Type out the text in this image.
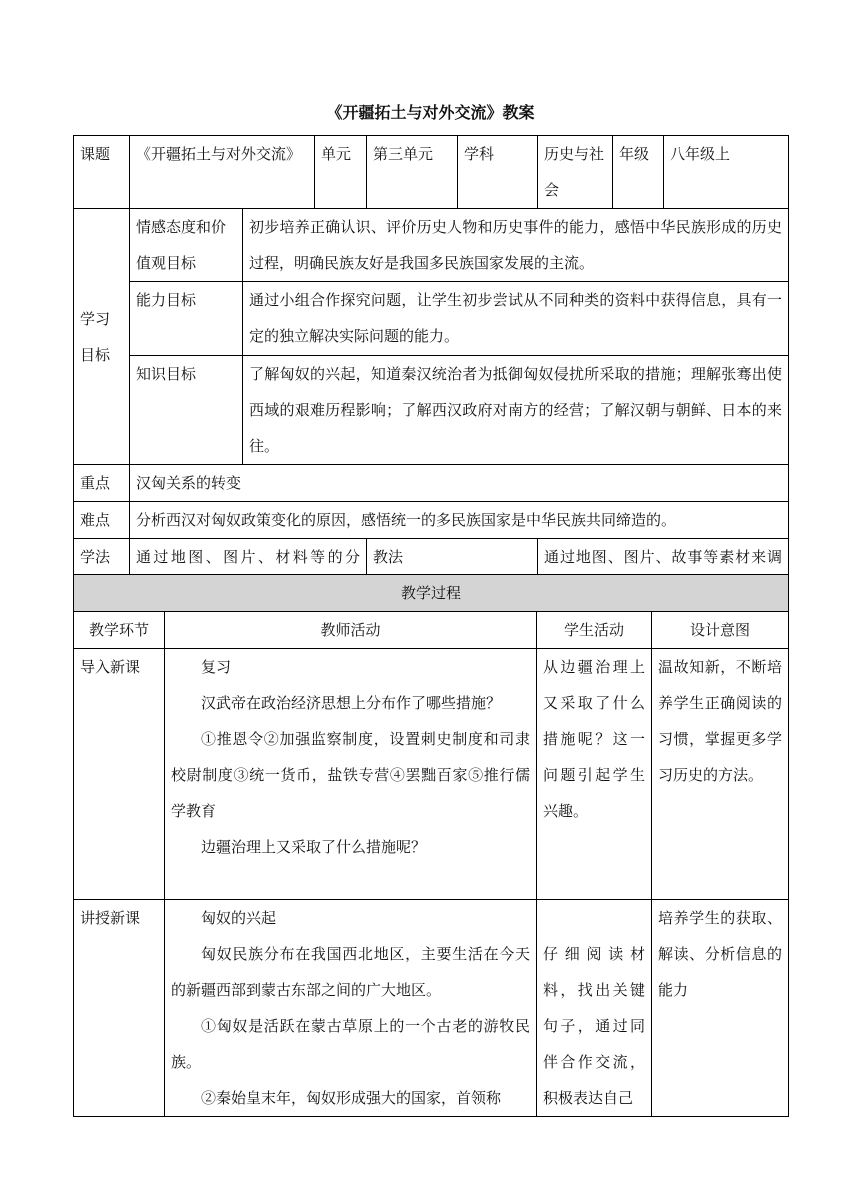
《开疆拓土与对外交流》教案
课题	《开疆拓土与对外交流》		单元	第三单元	学科	历史与社会	年级	八年级上

学习
目标	情感态度和价值观目标	初步培养正确认识、评价历史人物和历史事件的能力，感悟中华民族形成的历史过程，明确民族友好是我国多民族国家发展的主流。						
	能力目标	通过小组合作探究问题，让学生初步尝试从不同种类的资料中获得信息，具有一定的独立解决实际问题的能力。						
	知识目标	了解匈奴的兴起，知道秦汉统治者为抵御匈奴侵扰所采取的措施；理解张骞出使西域的艰难历程影响；了解西汉政府对南方的经营；了解汉朝与朝鲜、日本的来往。						
重点	汉匈关系的转变							
难点	分析西汉对匈奴政策变化的原因，感悟统一的多民族国家是中华民族共同缔造的。							
学法	通过地图、图片、材料等的分			教法		通过地图、图片、故事等素材来调		
教学过程			
教学环节	教师活动	学生活动	设计意图
导入新课	复习
汉武帝在政治经济思想上分布作了哪些措施？
①推恩令②加强监察制度，设置刺史制度和司隶校尉制度③统一货币，盐铁专营④罢黜百家⑤推行儒学教育
边疆治理上又采取了什么措施呢？	从边疆治理上又采取了什么措施呢？这一问题引起学生兴趣。	温故知新，不断培养学生正确阅读的习惯，掌握更多学习历史的方法。
讲授新课	匈奴的兴起
匈奴民族分布在我国西北地区，主要生活在今天的新疆西部到蒙古东部之间的广大地区。
①匈奴是活跃在蒙古草原上的一个古老的游牧民族。
②秦始皇末年，匈奴形成强大的国家，首领称	仔细阅读材料，找出关键句子，通过同伴合作交流，积极表达自己	培养学生的获取、解读、分析信息的能力
